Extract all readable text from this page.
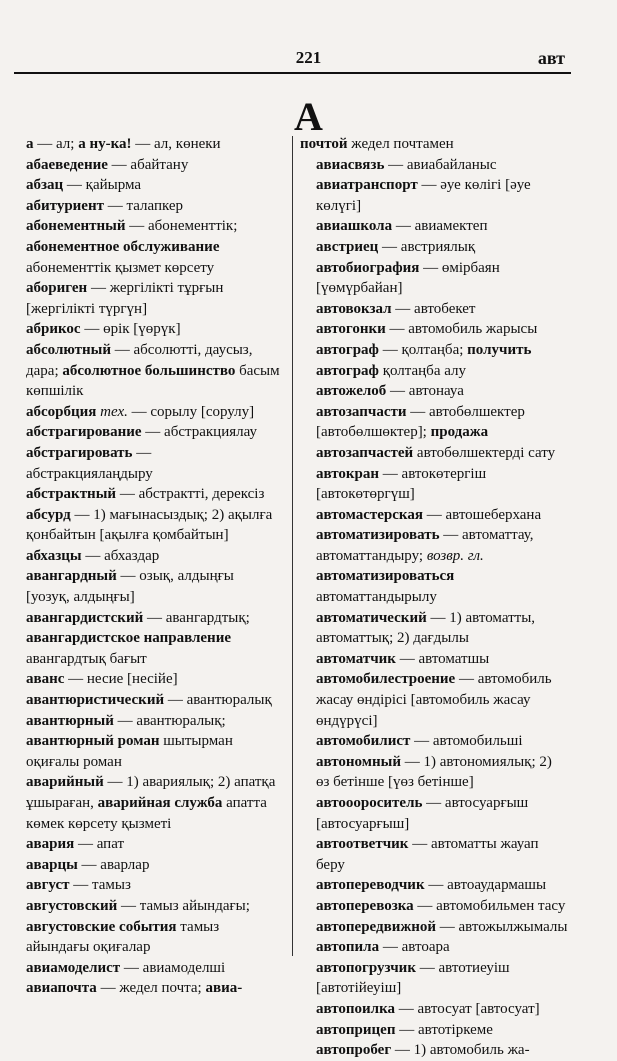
221	авт
А

а — ал; а ну-ка! — ал, көнеки

абаеведение — абайтану

абзац — қайырма

абитуриент — талапкер

абонементный — абонементтік; абонементное обслуживание абонементтік қызмет көрсету

абориген — жергілікті тұрғын [жергілікті түргүн]

абрикос — өрік [үөрүк]

абсолютный — абсолютті, даусыз, дара; абсолютное большинство басым көпшілік

абсорбция тех. — сорылу [сорулу]

абстрагирование — абстракциялау

абстрагировать — абстракциялаңдыру

абстрактный — абстрактті, дерексіз

абсурд — 1) мағынасыздық; 2) ақылға қонбайтын [ақылға қомбайтын]

абхазцы — абхаздар

авангардный — озық, алдыңғы [уозуқ, алдыңғы]

авангардистский — авангардтық; авангардистское направление авангардтық бағыт

аванс — несие [несійе]

авантюристический — авантюралық

авантюрный — авантюралық; авантюрный роман шытырман оқиғалы роман

аварийный — 1) авариялық; 2) апатқа ұшыраған, аварийная служба апатта көмек көрсету қызметі

авария — апат

аварцы — аварлар

август — тамыз

августовский — тамыз айындағы; августовские события тамыз айындағы оқиғалар

авиамоделист — авиамоделші

авиапочта — жедел почта; авиа-

почтой жедел почтамен

авиасвязь — авиабайланыс

авиатранспорт — әуе көлігі [әуе көлүгі]

авиашкола — авиамектеп

австриец — австриялық

автобиография — өмірбаян [үөмүрбайан]

автовокзал — автобекет

автогонки — автомобиль жарысы

автограф — қолтаңба; получить автограф қолтаңба алу

автожелоб — автонауа

автозапчасти — автобөлшектер [автобөлшөктер]; продажа автозапчастей автобөлшектерді сату

автокран — автокөтергіш [автокөтөргүш]

автомастерская — автошеберхана

автоматизировать — автоматтау, автоматтандыру; возвр. гл. автоматизироваться автоматтандырылу

автоматический — 1) автоматты, автоматтық; 2) дағдылы

автоматчик — автоматшы

автомобилестроение — автомобиль жасау өндірісі [автомобиль жасау өндүрүсі]

автомобилист — автомобильші

автономный — 1) автономиялық; 2) өз бетінше [үөз бетінше]

автооороситель — автосуарғыш [автосуарғыш]

автоответчик — автоматты жауап беру

автопереводчик — автоаудармашы

автоперевозка — автомобильмен тасу

автопередвижной — автожылжымалы

автопила — автоара

автопогрузчик — автотиеуіш [автотійеуіш]

автопоилка — автосуат [автосуат]

автоприцеп — автотіркеме

автопробег — 1) автомобиль жа-
